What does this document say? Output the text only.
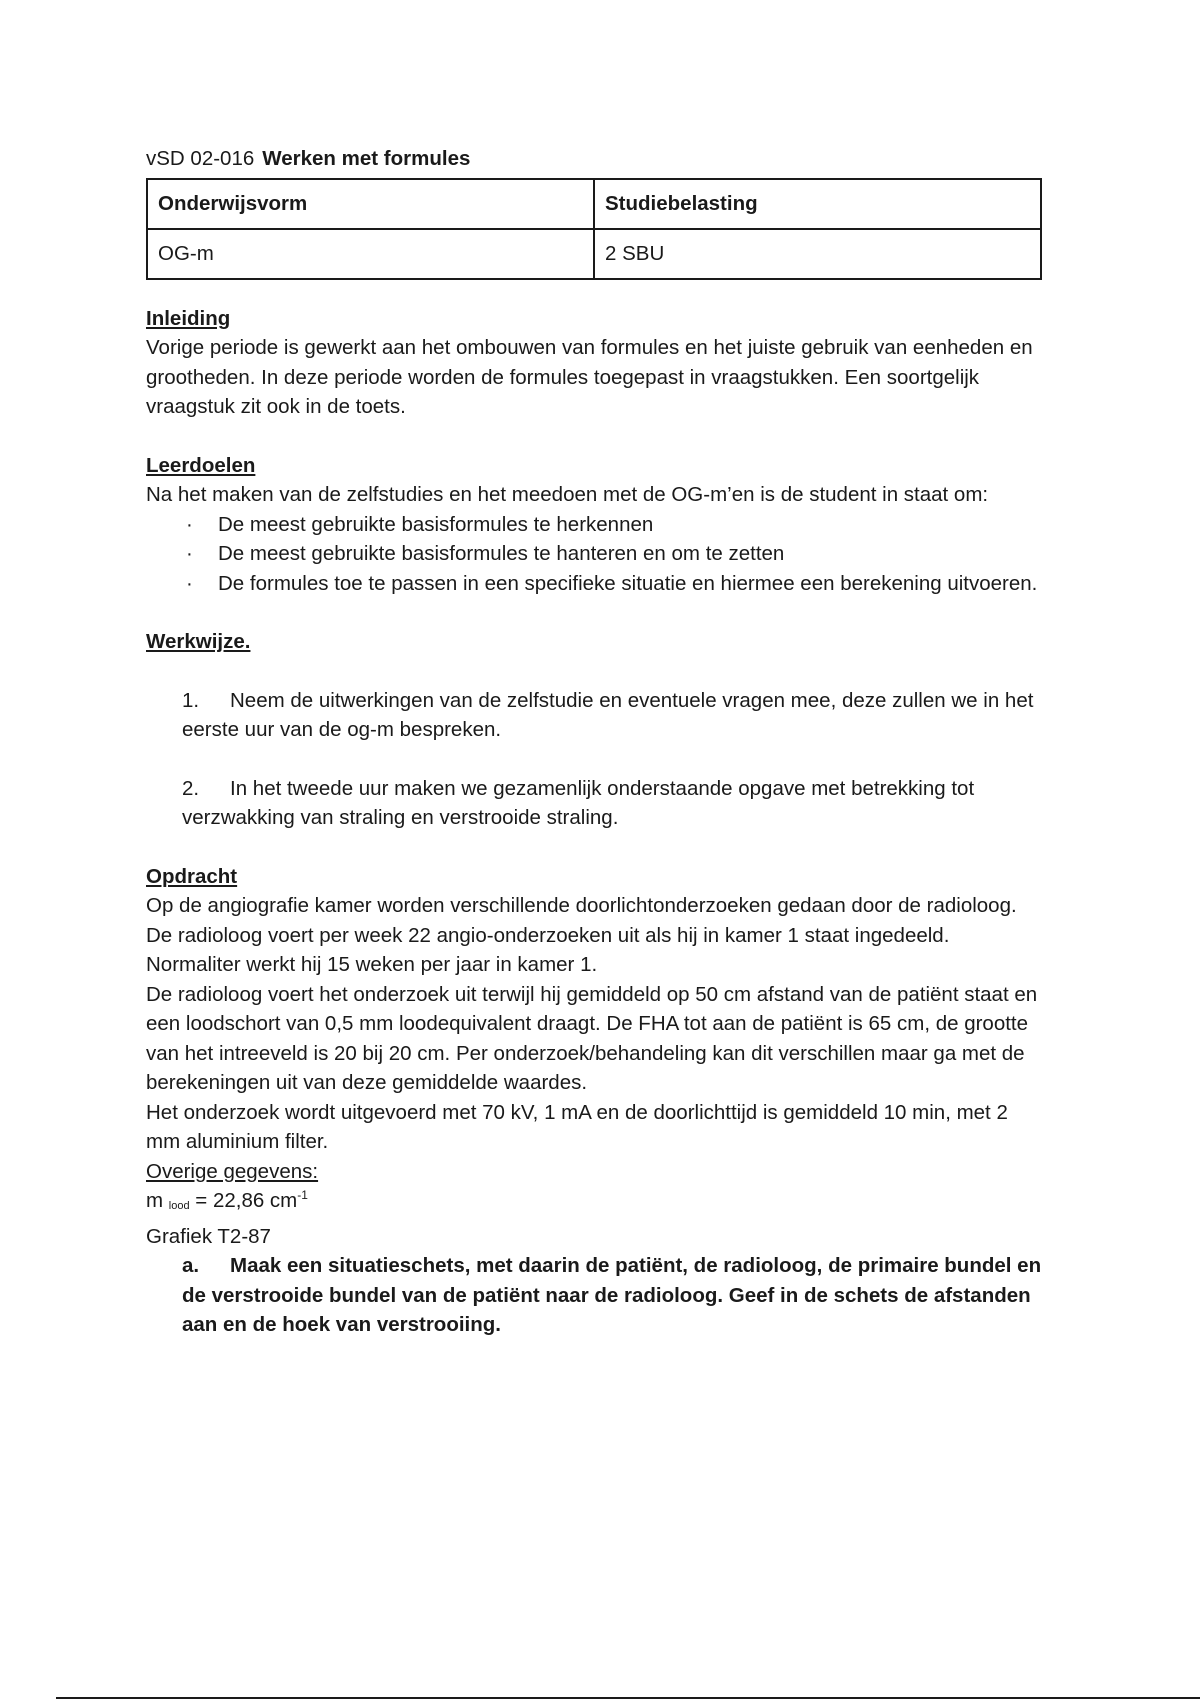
vSD 02-016 Werken met formules
Onderwijsvorm	Studiebelasting
OG-m	2 SBU

Inleiding

Vorige periode is gewerkt aan het ombouwen van formules en het juiste gebruik van eenheden en grootheden. In deze periode worden de formules toegepast in vraagstukken. Een soortgelijk vraagstuk zit ook in de toets.

Leerdoelen

Na het maken van de zelfstudies en het meedoen met de OG-m’en is de student in staat om:

· De meest gebruikte basisformules te herkennen
· De meest gebruikte basisformules te hanteren en om te zetten
· De formules toe te passen in een specifieke situatie en hiermee een berekening uitvoeren.

Werkwijze.

1. Neem de uitwerkingen van de zelfstudie en eventuele vragen mee, deze zullen we in het eerste uur van de og-m bespreken.
2. In het tweede uur maken we gezamenlijk onderstaande opgave met betrekking tot verzwakking van straling en verstrooide straling.

Opdracht

Op de angiografie kamer worden verschillende doorlichtonderzoeken gedaan door de radioloog. De radioloog voert per week 22 angio-onderzoeken uit als hij in kamer 1 staat ingedeeld. Normaliter werkt hij 15 weken per jaar in kamer 1.

De radioloog voert het onderzoek uit terwijl hij gemiddeld op 50 cm afstand van de patiënt staat en een loodschort van 0,5 mm loodequivalent draagt. De FHA tot aan de patiënt is 65 cm, de grootte van het intreeveld is 20 bij 20 cm. Per onderzoek/behandeling kan dit verschillen maar ga met de berekeningen uit van deze gemiddelde waardes.

Het onderzoek wordt uitgevoerd met 70 kV, 1 mA en de doorlichttijd is gemiddeld 10 min, met 2 mm aluminium filter.

Overige gegevens:

m $_{lood}$ = 22,86 $cm^{-1}$

Grafiek T2-87

a. Maak een situatieschets, met daarin de patiënt, de radioloog, de primaire bundel en de verstrooide bundel van de patiënt naar de radioloog. Geef in de schets de afstanden aan en de hoek van verstrooiing.
